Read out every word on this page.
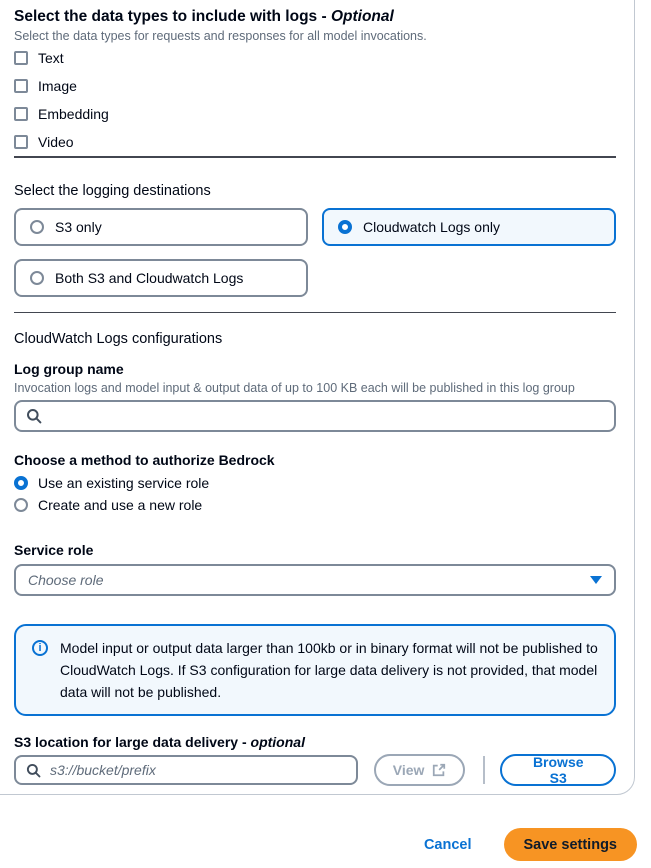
Select the data types to include with logs - Optional
Select the data types for requests and responses for all model invocations.
Text
Image
Embedding
Video
Select the logging destinations
S3 only	Cloudwatch Logs only
Both S3 and Cloudwatch Logs
CloudWatch Logs configurations
Log group name
Invocation logs and model input & output data of up to 100 KB each will be published in this log group
Choose a method to authorize Bedrock
Use an existing service role
Create and use a new role
Service role
Choose role
i	Model input or output data larger than 100kb or in binary format will not be published to CloudWatch Logs. If S3 configuration for large data delivery is not provided, that model data will not be published.
S3 location for large data delivery - optional
s3://bucket/prefix
View	Browse S3
Cancel	Save settings
